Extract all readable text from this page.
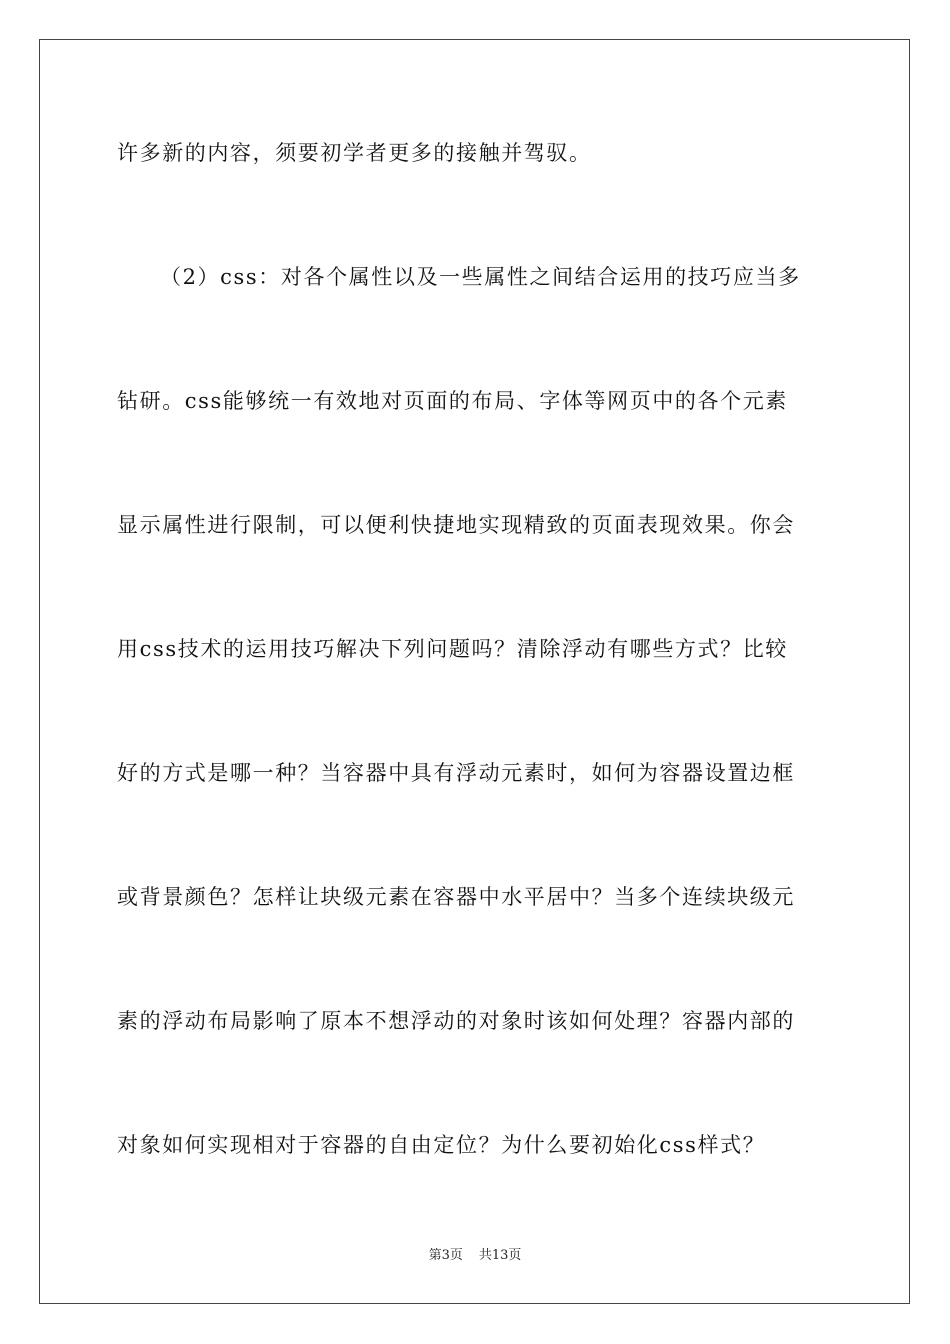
许多新的内容，须要初学者更多的接触并驾驭。
（2）css：对各个属性以及一些属性之间结合运用的技巧应当多
钻研。css能够统一有效地对页面的布局、字体等网页中的各个元素
显示属性进行限制，可以便利快捷地实现精致的页面表现效果。你会
用css技术的运用技巧解决下列问题吗？清除浮动有哪些方式？比较
好的方式是哪一种？当容器中具有浮动元素时，如何为容器设置边框
或背景颜色？怎样让块级元素在容器中水平居中？当多个连续块级元
素的浮动布局影响了原本不想浮动的对象时该如何处理？容器内部的
对象如何实现相对于容器的自由定位？为什么要初始化css样式？
第3页 共13页
